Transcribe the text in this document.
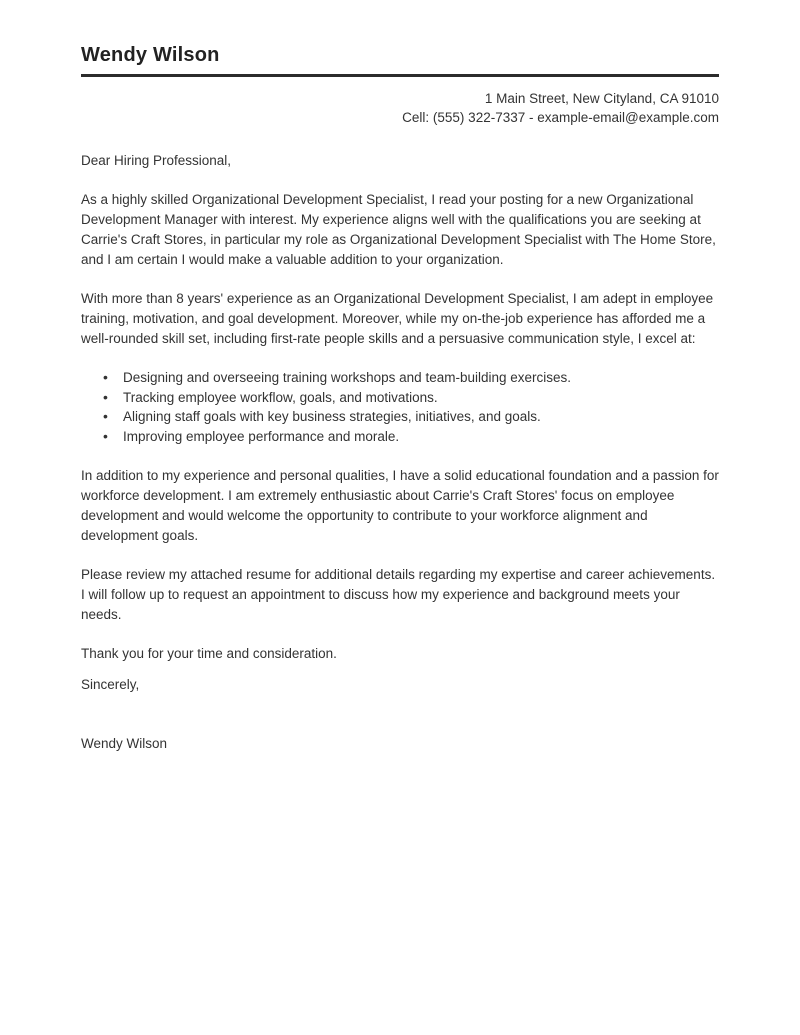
Wendy Wilson
1 Main Street, New Cityland, CA 91010
Cell: (555) 322-7337 - example-email@example.com
Dear Hiring Professional,
As a highly skilled Organizational Development Specialist, I read your posting for a new Organizational Development Manager with interest. My experience aligns well with the qualifications you are seeking at Carrie's Craft Stores, in particular my role as Organizational Development Specialist with The Home Store, and I am certain I would make a valuable addition to your organization.
With more than 8 years' experience as an Organizational Development Specialist, I am adept in employee training, motivation, and goal development. Moreover, while my on-the-job experience has afforded me a well-rounded skill set, including first-rate people skills and a persuasive communication style, I excel at:
• Designing and overseeing training workshops and team-building exercises.
• Tracking employee workflow, goals, and motivations.
• Aligning staff goals with key business strategies, initiatives, and goals.
• Improving employee performance and morale.
In addition to my experience and personal qualities, I have a solid educational foundation and a passion for workforce development. I am extremely enthusiastic about Carrie's Craft Stores' focus on employee development and would welcome the opportunity to contribute to your workforce alignment and development goals.
Please review my attached resume for additional details regarding my expertise and career achievements. I will follow up to request an appointment to discuss how my experience and background meets your needs.
Thank you for your time and consideration.
Sincerely,
Wendy Wilson
